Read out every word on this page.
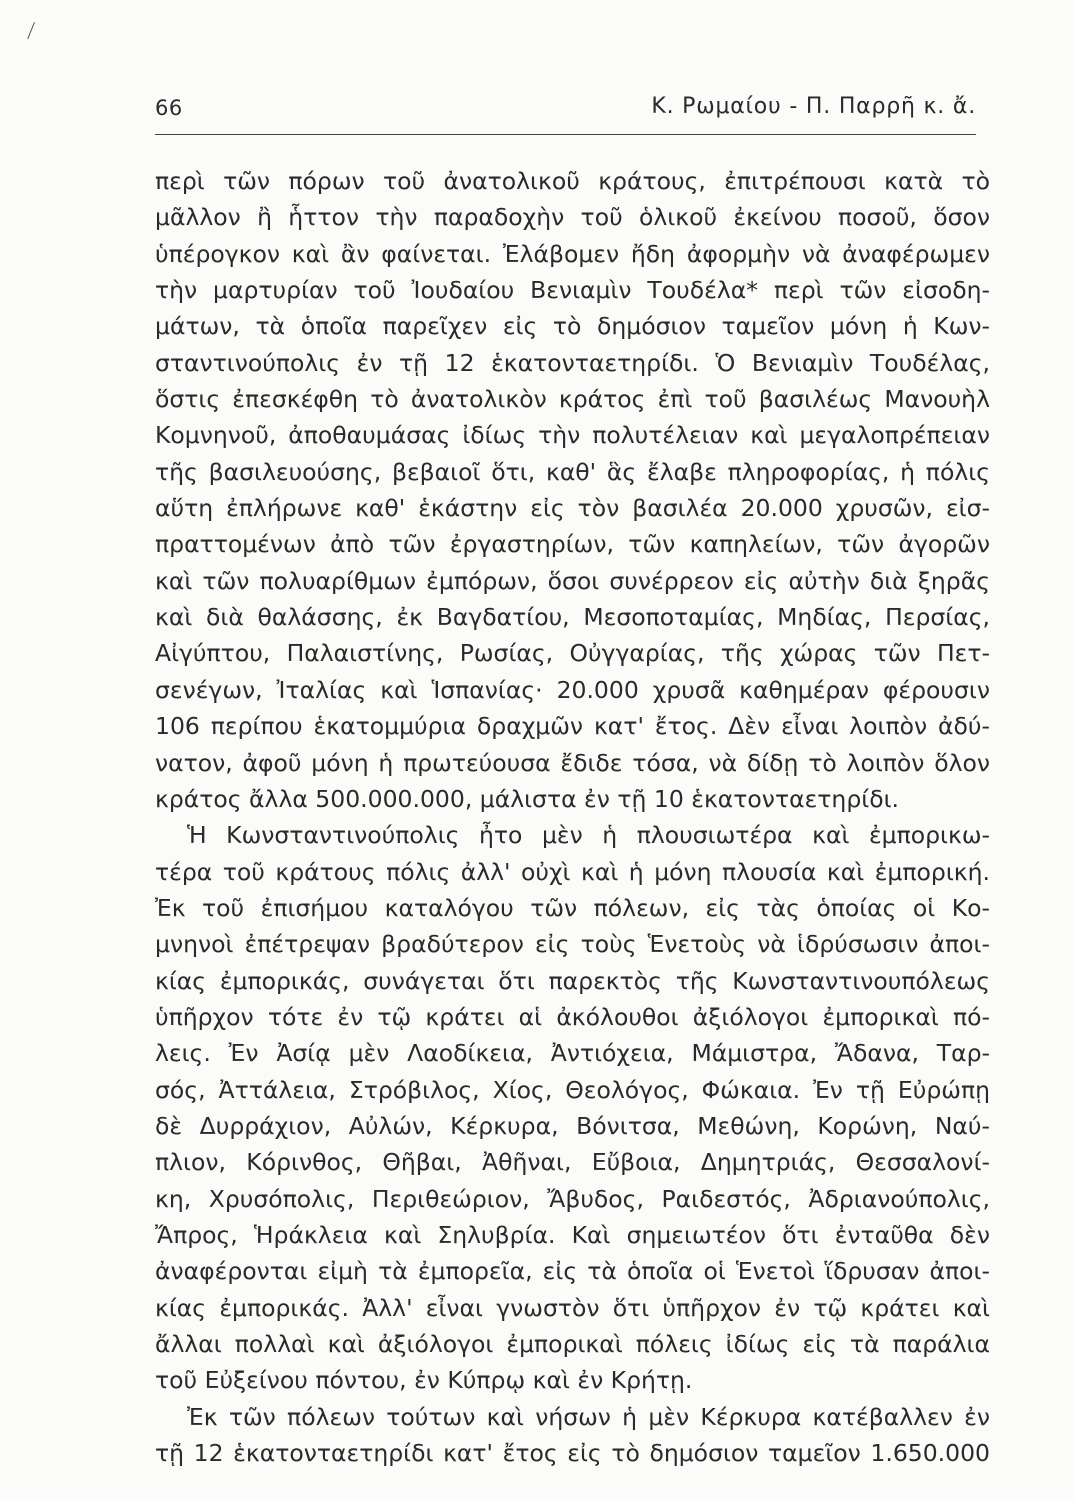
66	Κ. Ρωμαίου - Π. Παρρῆ κ. ἄ.
περὶ τῶν πόρων τοῦ ἀνατολικοῦ κράτους, ἐπιτρέπουσι κατὰ τὸ
μᾶλλον ἢ ἧττον τὴν παραδοχὴν τοῦ ὁλικοῦ ἐκείνου ποσοῦ, ὅσον
ὑπέρογκον καὶ ἂν φαίνεται. Ἐλάβομεν ἤδη ἀφορμὴν νὰ ἀναφέρωμεν
τὴν μαρτυρίαν τοῦ Ἰουδαίου Βενιαμὶν Τουδέλα* περὶ τῶν εἰσοδη-
μάτων, τὰ ὁποῖα παρεῖχεν εἰς τὸ δημόσιον ταμεῖον μόνη ἡ Κων-
σταντινούπολις ἐν τῇ 12 ἑκατονταετηρίδι. Ὁ Βενιαμὶν Τουδέλας,
ὅστις ἐπεσκέφθη τὸ ἀνατολικὸν κράτος ἐπὶ τοῦ βασιλέως Μανουὴλ
Κομνηνοῦ, ἀποθαυμάσας ἰδίως τὴν πολυτέλειαν καὶ μεγαλοπρέπειαν
τῆς βασιλευούσης, βεβαιοῖ ὅτι, καθ' ἃς ἔλαβε πληροφορίας, ἡ πόλις
αὕτη ἐπλήρωνε καθ' ἑκάστην εἰς τὸν βασιλέα 20.000 χρυσῶν, εἰσ-
πραττομένων ἀπὸ τῶν ἐργαστηρίων, τῶν καπηλείων, τῶν ἀγορῶν
καὶ τῶν πολυαρίθμων ἐμπόρων, ὅσοι συνέρρεον εἰς αὐτὴν διὰ ξηρᾶς
καὶ διὰ θαλάσσης, ἐκ Βαγδατίου, Μεσοποταμίας, Μηδίας, Περσίας,
Αἰγύπτου, Παλαιστίνης, Ρωσίας, Οὐγγαρίας, τῆς χώρας τῶν Πετ-
σενέγων, Ἰταλίας καὶ Ἱσπανίας· 20.000 χρυσᾶ καθημέραν φέρουσιν
106 περίπου ἑκατομμύρια δραχμῶν κατ' ἔτος. Δὲν εἶναι λοιπὸν ἀδύ-
νατον, ἀφοῦ μόνη ἡ πρωτεύουσα ἔδιδε τόσα, νὰ δίδῃ τὸ λοιπὸν ὅλον
κράτος ἄλλα 500.000.000, μάλιστα ἐν τῇ 10 ἑκατονταετηρίδι.
Ἡ Κωνσταντινούπολις ἦτο μὲν ἡ πλουσιωτέρα καὶ ἐμπορικω-
τέρα τοῦ κράτους πόλις ἀλλ' οὐχὶ καὶ ἡ μόνη πλουσία καὶ ἐμπορική.
Ἐκ τοῦ ἐπισήμου καταλόγου τῶν πόλεων, εἰς τὰς ὁποίας οἱ Κο-
μνηνοὶ ἐπέτρεψαν βραδύτερον εἰς τοὺς Ἑνετοὺς νὰ ἱδρύσωσιν ἀποι-
κίας ἐμπορικάς, συνάγεται ὅτι παρεκτὸς τῆς Κωνσταντινουπόλεως
ὑπῆρχον τότε ἐν τῷ κράτει αἱ ἀκόλουθοι ἀξιόλογοι ἐμπορικαὶ πό-
λεις. Ἐν Ἀσίᾳ μὲν Λαοδίκεια, Ἀντιόχεια, Μάμιστρα, Ἄδανα, Ταρ-
σός, Ἀττάλεια, Στρόβιλος, Χίος, Θεολόγος, Φώκαια. Ἐν τῇ Εὐρώπῃ
δὲ Δυρράχιον, Αὐλών, Κέρκυρα, Βόνιτσα, Μεθώνη, Κορώνη, Ναύ-
πλιον, Κόρινθος, Θῆβαι, Ἀθῆναι, Εὔβοια, Δημητριάς, Θεσσαλονί-
κη, Χρυσόπολις, Περιθεώριον, Ἄβυδος, Ραιδεστός, Ἀδριανούπολις,
Ἄπρος, Ἡράκλεια καὶ Σηλυβρία. Καὶ σημειωτέον ὅτι ἐνταῦθα δὲν
ἀναφέρονται εἰμὴ τὰ ἐμπορεῖα, εἰς τὰ ὁποῖα οἱ Ἑνετοὶ ἵδρυσαν ἀποι-
κίας ἐμπορικάς. Ἀλλ' εἶναι γνωστὸν ὅτι ὑπῆρχον ἐν τῷ κράτει καὶ
ἄλλαι πολλαὶ καὶ ἀξιόλογοι ἐμπορικαὶ πόλεις ἰδίως εἰς τὰ παράλια
τοῦ Εὐξείνου πόντου, ἐν Κύπρῳ καὶ ἐν Κρήτῃ.
Ἐκ τῶν πόλεων τούτων καὶ νήσων ἡ μὲν Κέρκυρα κατέβαλλεν ἐν
τῇ 12 ἑκατονταετηρίδι κατ' ἔτος εἰς τὸ δημόσιον ταμεῖον 1.650.000
